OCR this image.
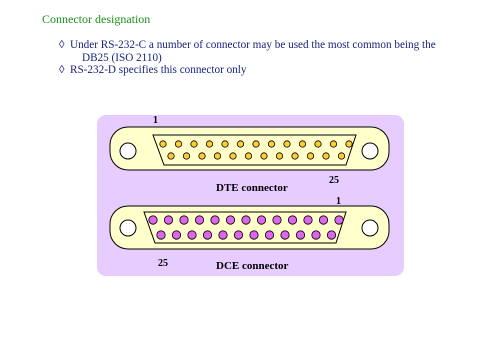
Connector designation
◊ Under RS-232-C a number of connector may be used the most common being the
DB25 (ISO 2110)
◊ RS-232-D specifies this connector only
1
25
DTE connector
1
25	DCE connector
